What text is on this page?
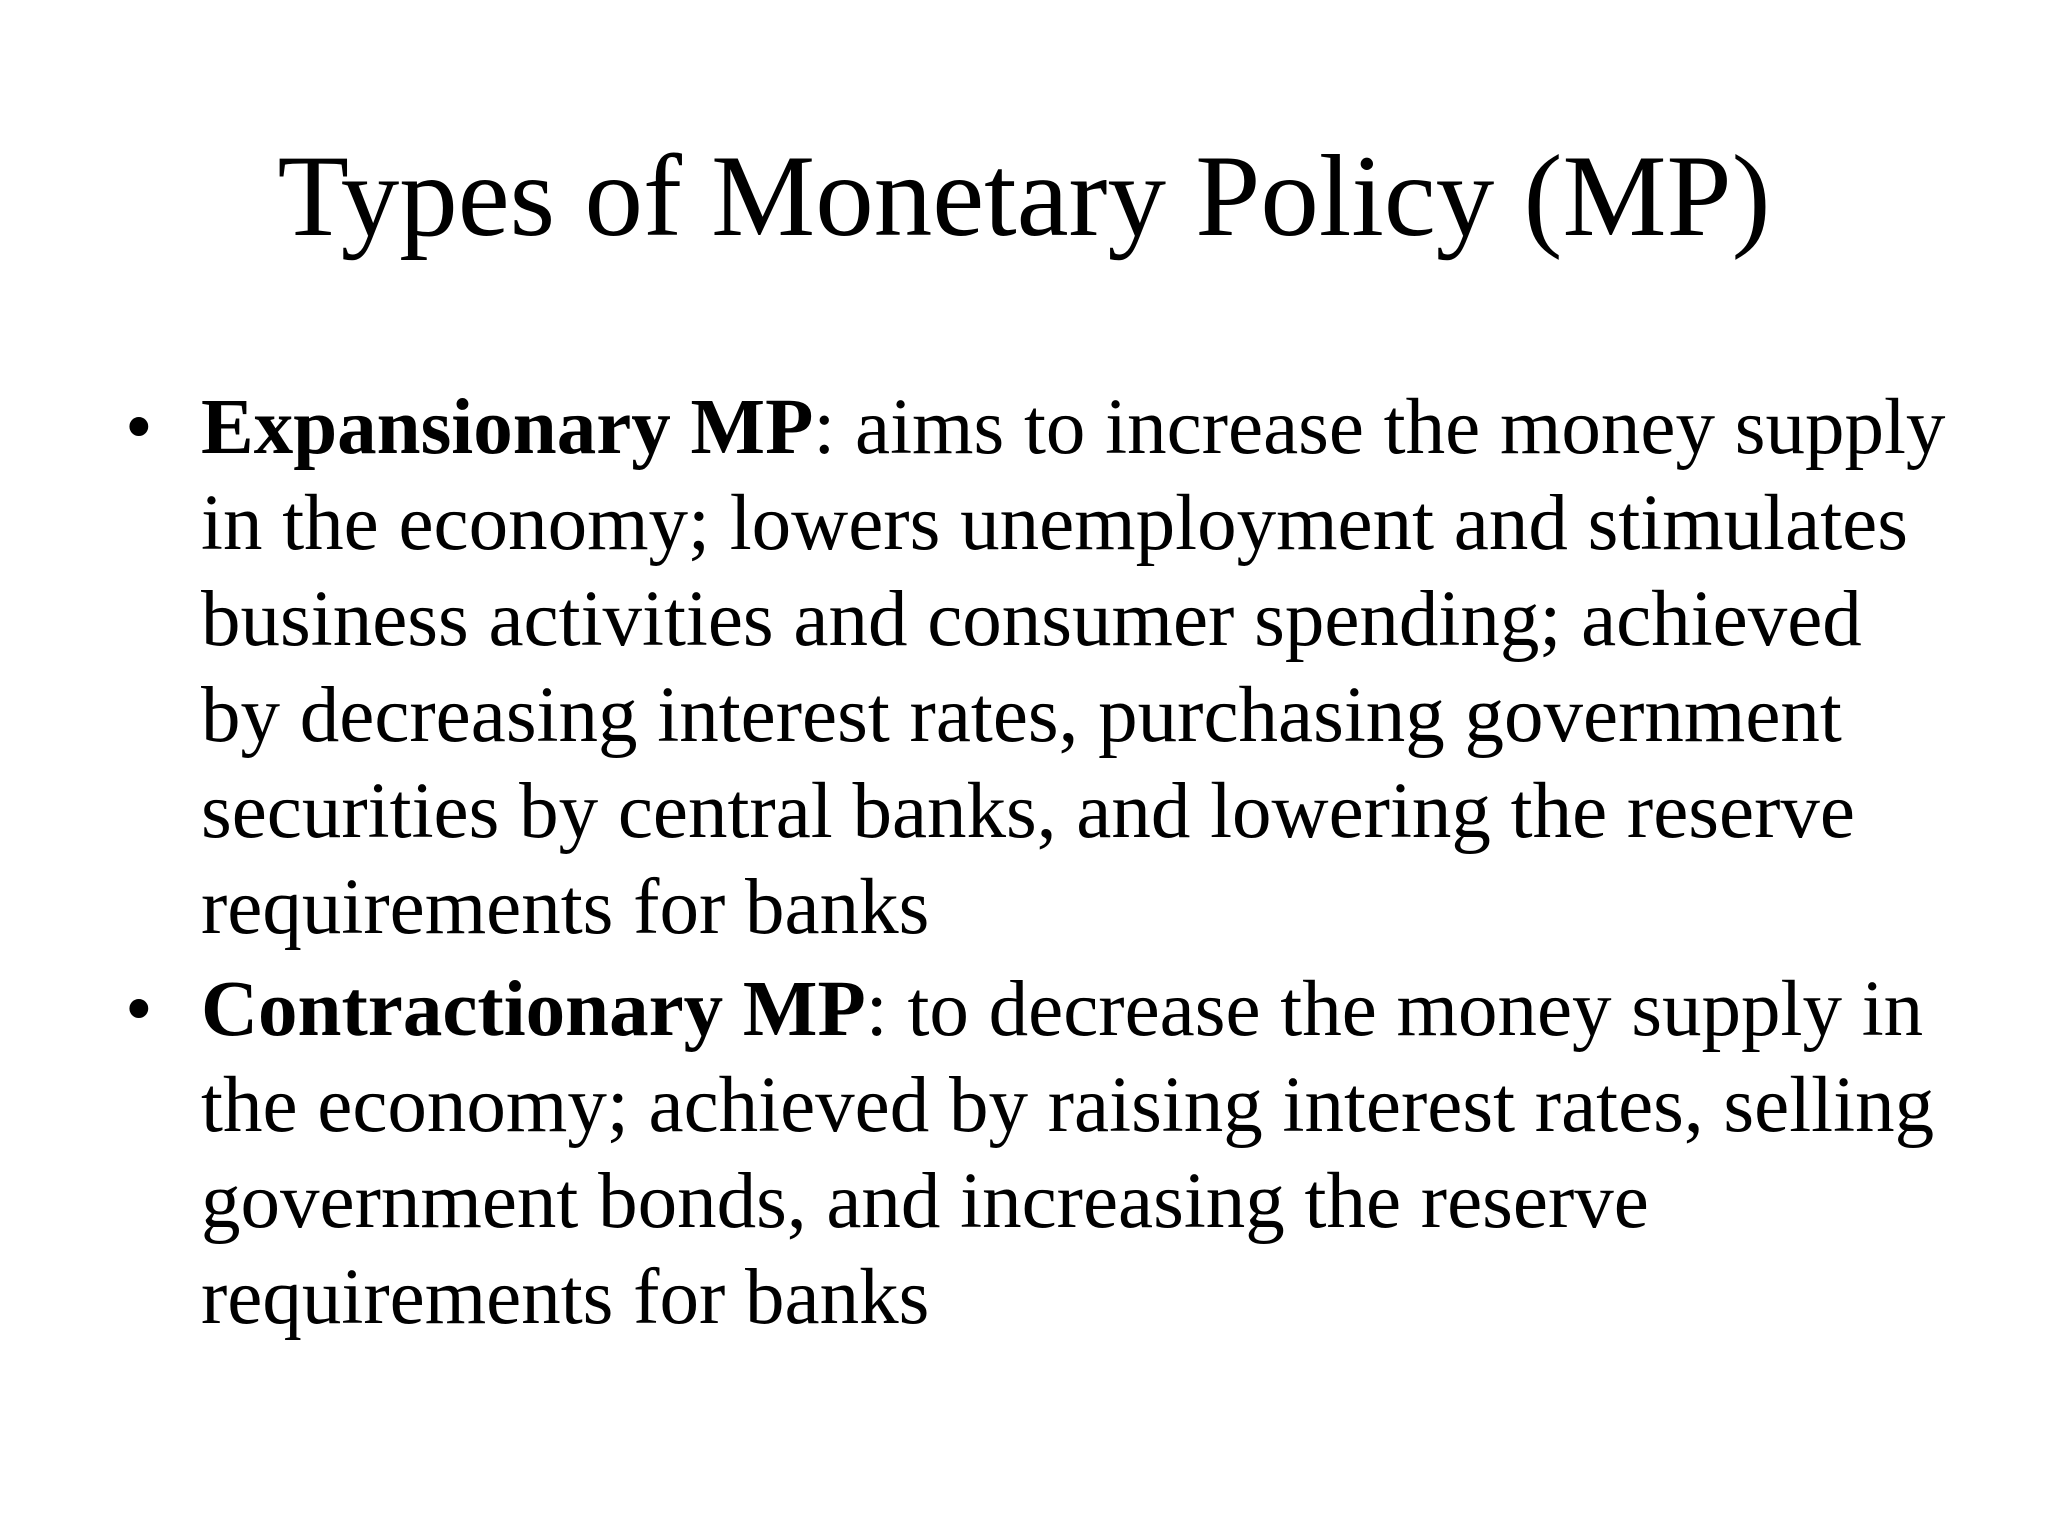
Types of Monetary Policy (MP)
• Expansionary MP: aims to increase the money supply in the economy; lowers unemployment and stimulates business activities and consumer spending; achieved by decreasing interest rates, purchasing government securities by central banks, and lowering the reserve requirements for banks
• Contractionary MP: to decrease the money supply in the economy; achieved by raising interest rates, selling government bonds, and increasing the reserve requirements for banks
